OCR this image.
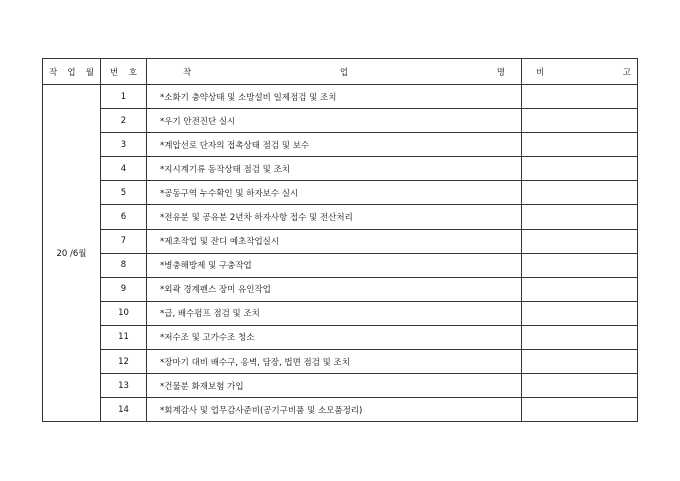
작 업 월	번 호	작 업 명	비 고

20 /6월	1	*소화기 충약상태 및 소방설비 일제점검 및 조치	
	2	*우기 안전진단 실시	
	3	*계압선로 단자의 접촉상태 점검 및 보수	
	4	*지시계기류 동작상태 점검 및 조치	
	5	*공동구역 누수확인 및 하자보수 실시	
	6	*전유분 및 공유분 2년차 하자사항 접수 및 전산처리	
	7	*제초작업 및 잔디 예초작업실시	
	8	*병충해방제 및 구충작업	
	9	*외곽 경계펜스 장미 유인작업	
	10	*급, 배수펌프 점검 및 조치	
	11	*저수조 및 고가수조 청소	
	12	*장마기 대비 배수구, 옹벽, 담장, 법면 점검 및 조치	
	13	*건물분 화재보험 가입	
	14	*회계감사 및 업무감사준비(공기구비품 및 소모품정리)	
